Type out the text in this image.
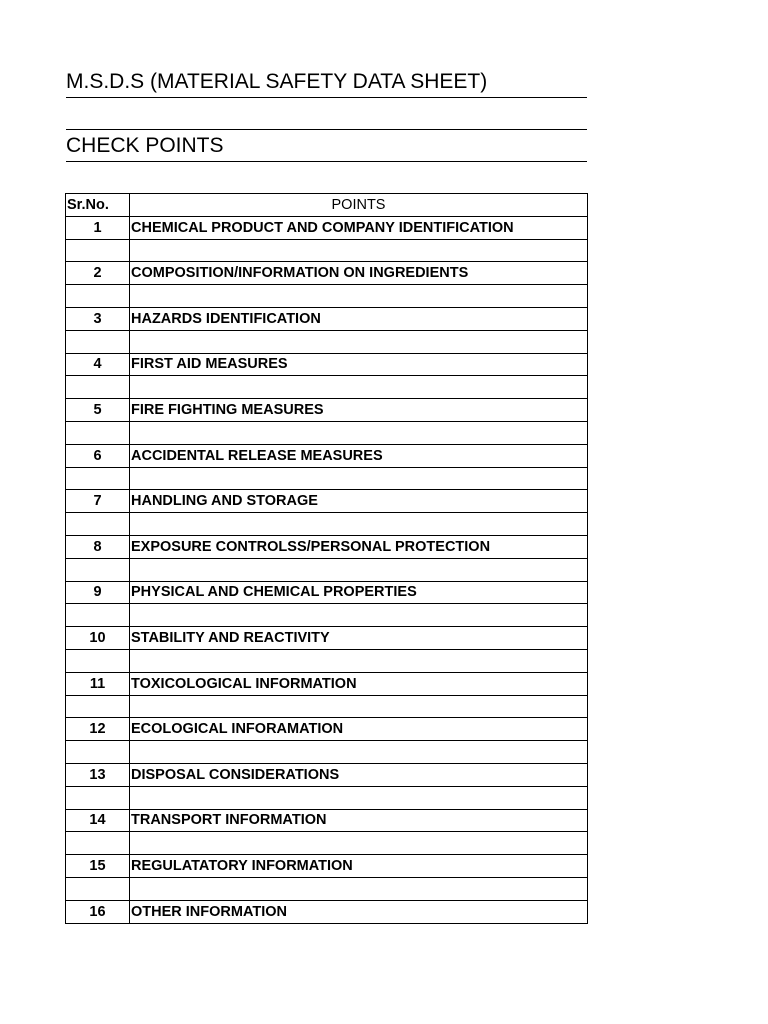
M.S.D.S (MATERIAL SAFETY DATA SHEET)
CHECK POINTS
Sr.No.	POINTS
1	CHEMICAL PRODUCT AND COMPANY IDENTIFICATION

2	COMPOSITION/INFORMATION ON INGREDIENTS

3	HAZARDS IDENTIFICATION

4	FIRST AID MEASURES

5	FIRE FIGHTING MEASURES

6	ACCIDENTAL RELEASE MEASURES

7	HANDLING AND STORAGE

8	EXPOSURE CONTROLSS/PERSONAL PROTECTION

9	PHYSICAL AND CHEMICAL PROPERTIES

10	STABILITY AND REACTIVITY

11	TOXICOLOGICAL INFORMATION

12	ECOLOGICAL INFORAMATION

13	DISPOSAL CONSIDERATIONS

14	TRANSPORT INFORMATION

15	REGULATATORY INFORMATION

16	OTHER INFORMATION
